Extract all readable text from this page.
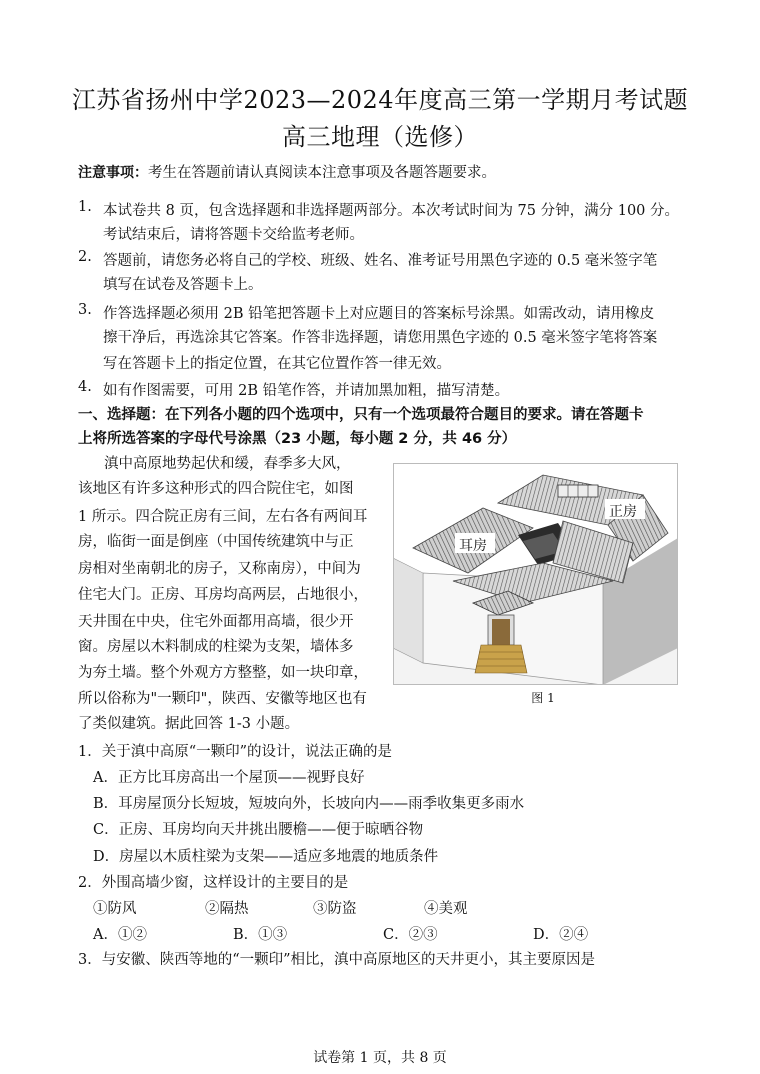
江苏省扬州中学2023—2024年度高三第一学期月考试题
高三地理（选修）
注意事项：考生在答题前请认真阅读本注意事项及各题答题要求。
1. 本试卷共 8 页，包含选择题和非选择题两部分。本次考试时间为 75 分钟，满分 100 分。
考试结束后，请将答题卡交给监考老师。
2. 答题前，请您务必将自己的学校、班级、姓名、准考证号用黑色字迹的 0.5 毫米签字笔
填写在试卷及答题卡上。
3. 作答选择题必须用 2B 铅笔把答题卡上对应题目的答案标号涂黑。如需改动，请用橡皮
擦干净后，再选涂其它答案。作答非选择题，请您用黑色字迹的 0.5 毫米签字笔将答案
写在答题卡上的指定位置，在其它位置作答一律无效。
4. 如有作图需要，可用 2B 铅笔作答，并请加黑加粗，描写清楚。
一、选择题：在下列各小题的四个选项中，只有一个选项最符合题目的要求。请在答题卡
上将所选答案的字母代号涂黑（23 小题，每小题 2 分，共 46 分）
滇中高原地势起伏和缓，春季多大风，
该地区有许多这种形式的四合院住宅，如图
1 所示。四合院正房有三间，左右各有两间耳
房，临街一面是倒座（中国传统建筑中与正
房相对坐南朝北的房子，又称南房），中间为
住宅大门。正房、耳房均高两层，占地很小，
天井围在中央，住宅外面都用高墙，很少开
窗。房屋以木料制成的柱梁为支架，墙体多
为夯土墙。整个外观方方整整，如一块印章，
所以俗称为"一颗印"，陕西、安徽等地区也有
了类似建筑。据此回答 1-3 小题。
正房
耳房
图 1
1．关于滇中高原“一颗印”的设计，说法正确的是
A．正方比耳房高出一个屋顶——视野良好
B．耳房屋顶分长短坡，短坡向外，长坡向内——雨季收集更多雨水
C．正房、耳房均向天井挑出腰檐——便于晾晒谷物
D．房屋以木质柱梁为支架——适应多地震的地质条件
2．外围高墙少窗，这样设计的主要目的是
①防风	②隔热	③防盗	④美观
A．①②	B．①③	C．②③	D．②④
3．与安徽、陕西等地的“一颗印”相比，滇中高原地区的天井更小，其主要原因是
试卷第 1 页，共 8 页
